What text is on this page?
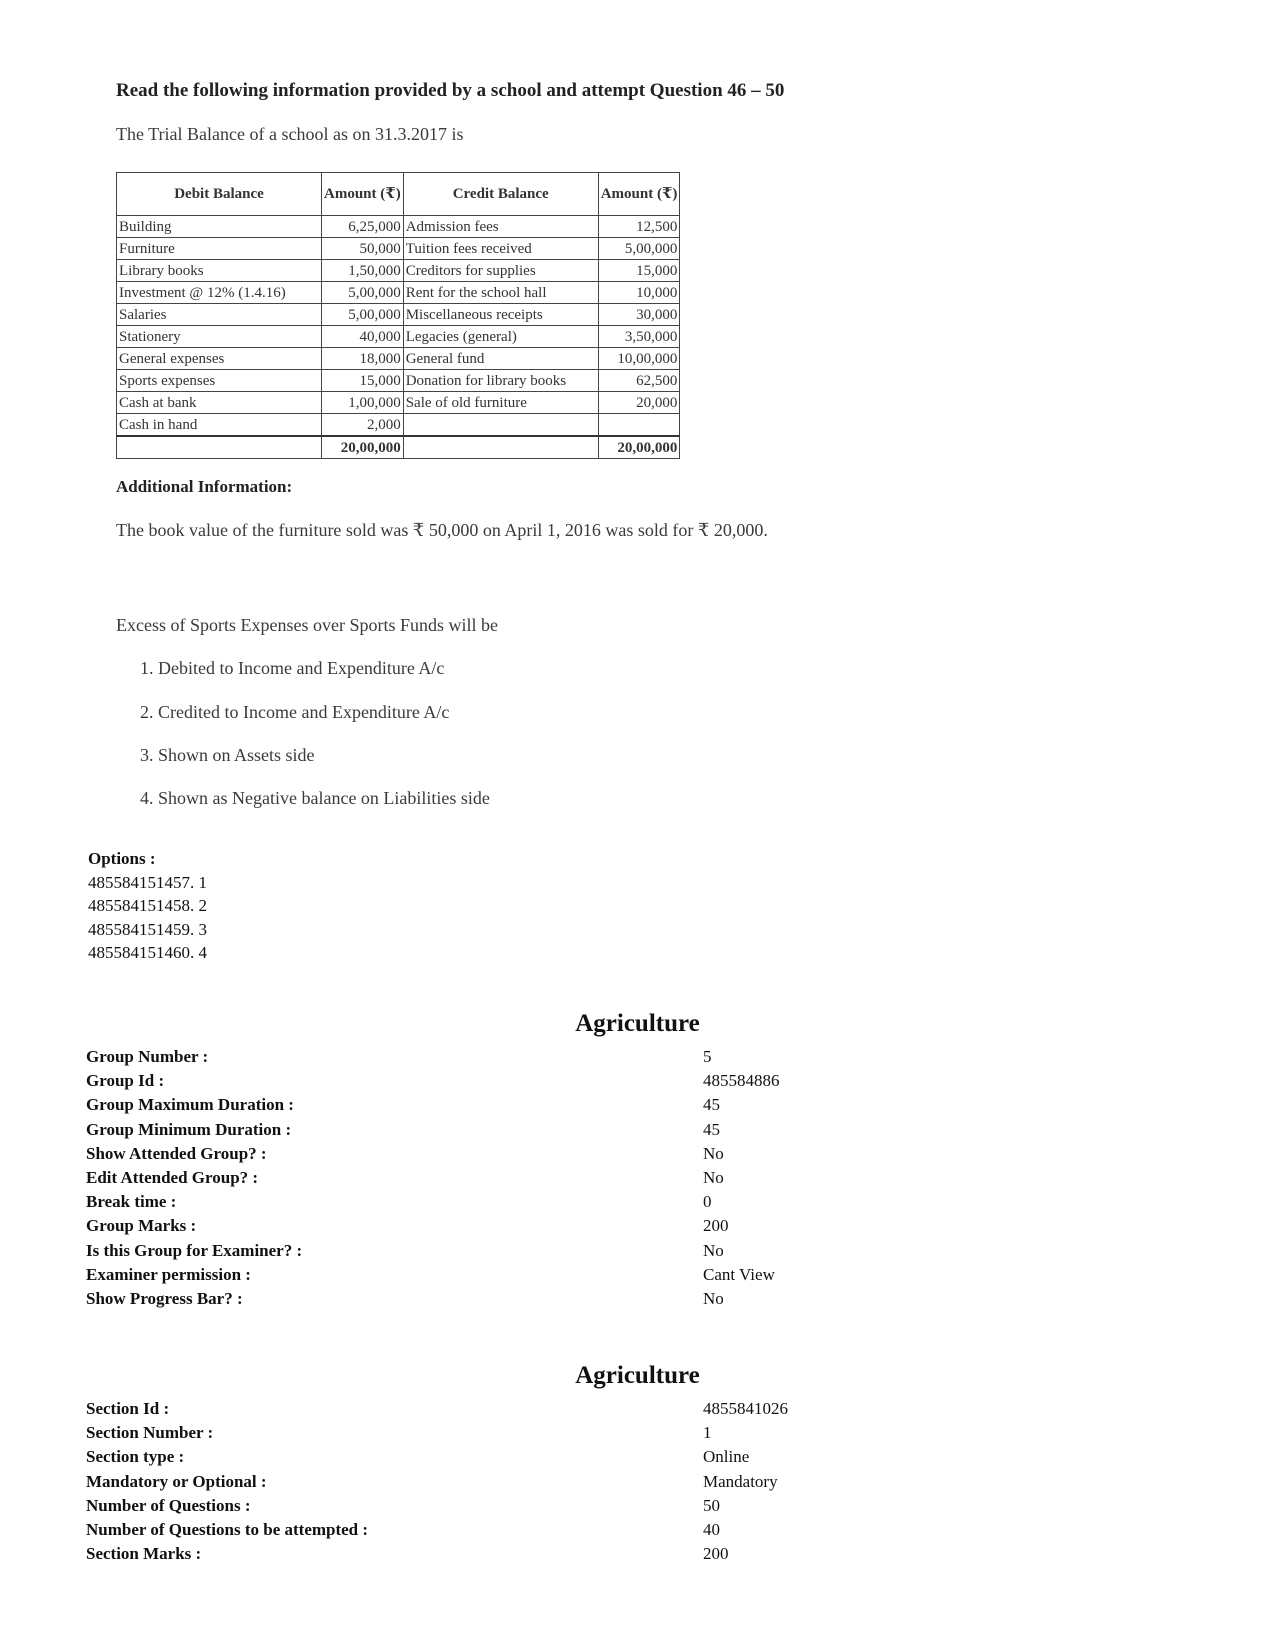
Read the following information provided by a school and attempt Question 46 – 50
The Trial Balance of a school as on 31.3.2017 is
Debit Balance	Amount (₹)	Credit Balance	Amount (₹)
Building	6,25,000	Admission fees	12,500
Furniture	50,000	Tuition fees received	5,00,000
Library books	1,50,000	Creditors for supplies	15,000
Investment @ 12% (1.4.16)	5,00,000	Rent for the school hall	10,000
Salaries	5,00,000	Miscellaneous receipts	30,000
Stationery	40,000	Legacies (general)	3,50,000
General expenses	18,000	General fund	10,00,000
Sports expenses	15,000	Donation for library books	62,500
Cash at bank	1,00,000	Sale of old furniture	20,000
Cash in hand	2,000		
	20,00,000		20,00,000
Additional Information:
The book value of the furniture sold was ₹ 50,000 on April 1, 2016 was sold for ₹ 20,000.
Excess of Sports Expenses over Sports Funds will be
1. Debited to Income and Expenditure A/c
2. Credited to Income and Expenditure A/c
3. Shown on Assets side
4. Shown as Negative balance on Liabilities side
Options :
485584151457. 1
485584151458. 2
485584151459. 3
485584151460. 4
Agriculture
Group Number :	5
Group Id :	485584886
Group Maximum Duration :	45
Group Minimum Duration :	45
Show Attended Group? :	No
Edit Attended Group? :	No
Break time :	0
Group Marks :	200
Is this Group for Examiner? :	No
Examiner permission :	Cant View
Show Progress Bar? :	No
Agriculture
Section Id :	4855841026
Section Number :	1
Section type :	Online
Mandatory or Optional :	Mandatory
Number of Questions :	50
Number of Questions to be attempted :	40
Section Marks :	200
